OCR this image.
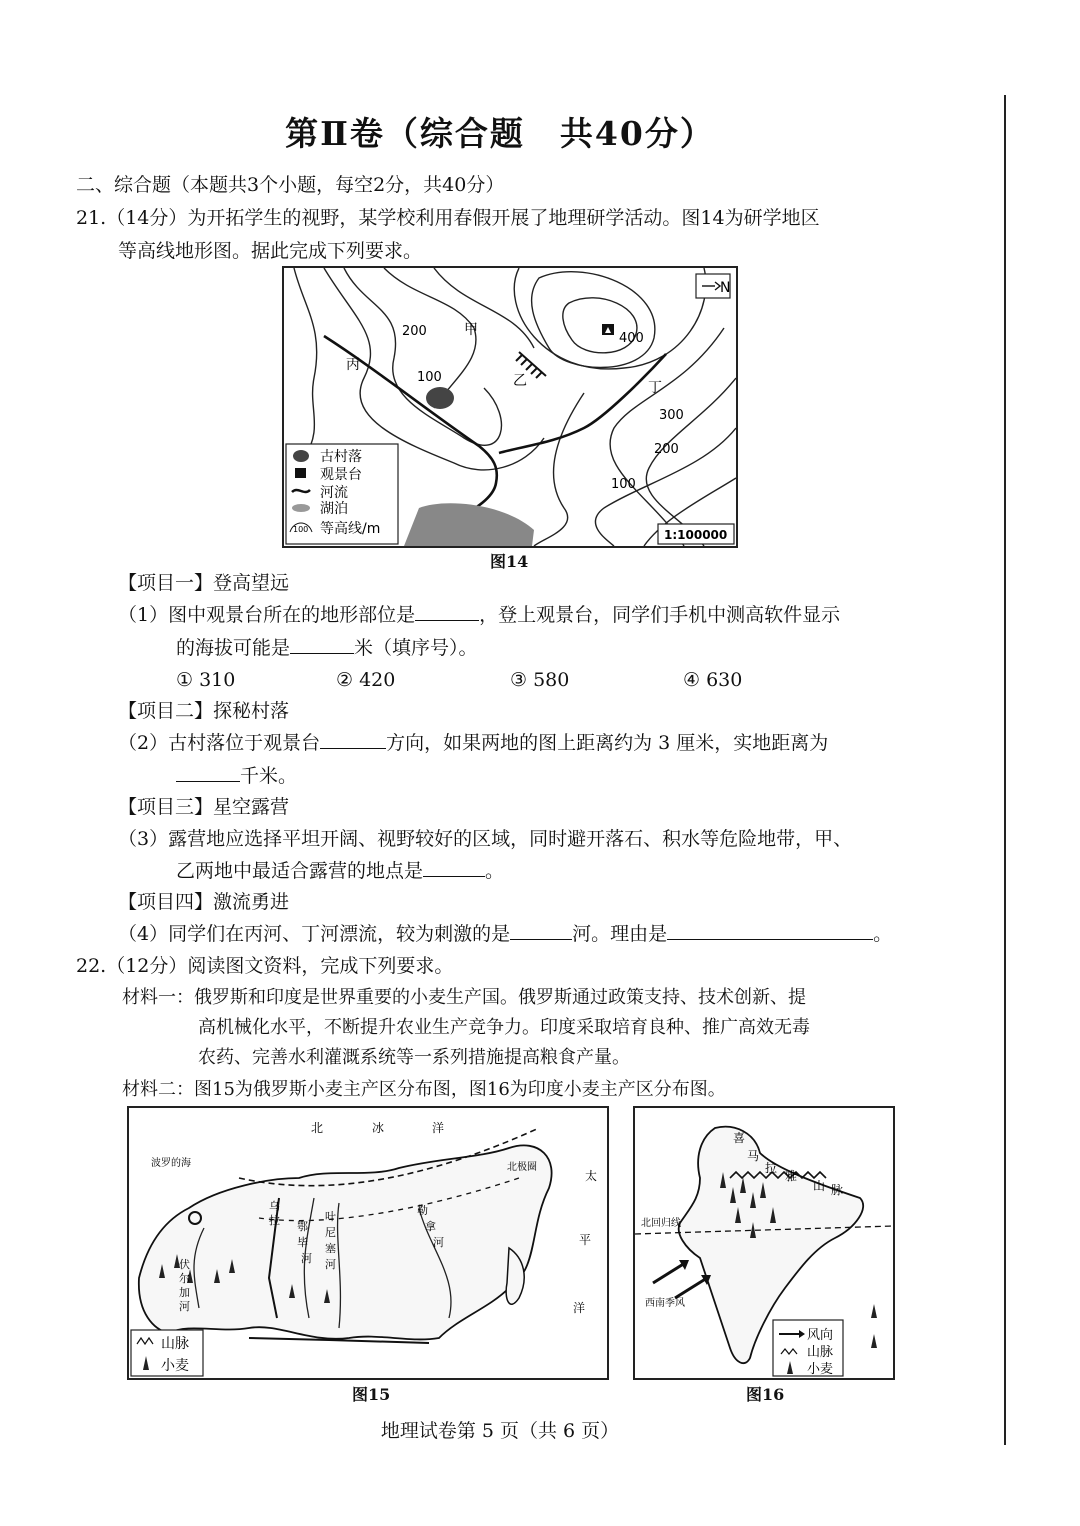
第Ⅱ卷（综合题　共40分）
二、综合题（本题共3个小题，每空2分，共40分）
21.（14分）为开拓学生的视野，某学校利用春假开展了地理研学活动。图14为研学地区
等高线地形图。据此完成下列要求。
N
200	甲
丙
100
400
乙	丁
300
200
100
古村落
观景台
河流
湖泊
100 等高线/m	1:100000
图14
【项目一】登高望远
（1）图中观景台所在的地形部位是	，登上观景台，同学们手机中测高软件显示
的海拔可能是	米（填序号）。
① 310	② 420	③ 580	④ 630
【项目二】探秘村落
（2）古村落位于观景台	方向，如果两地的图上距离约为 3 厘米，实地距离为
千米。
【项目三】星空露营
（3）露营地应选择平坦开阔、视野较好的区域，同时避开落石、积水等危险地带，甲、
乙两地中最适合露营的地点是	。
【项目四】激流勇进
（4）同学们在丙河、丁河漂流，较为刺激的是	河。理由是	。
22.（12分）阅读图文资料，完成下列要求。
材料一：俄罗斯和印度是世界重要的小麦生产国。俄罗斯通过政策支持、技术创新、提
高机械化水平，不断提升农业生产竞争力。印度采取培育良种、推广高效无毒
农药、完善水利灌溉系统等一系列措施提高粮食产量。
材料二：图15为俄罗斯小麦主产区分布图，图16为印度小麦主产区分布图。
北	冰	洋
太
平
洋
波罗的海	北极圈
乌
拉 鄂
毕
河
叶
尼
塞
河
勒
拿
河
伏
尔
加
河
山脉
小麦
图15
喜
马
拉
雅
山 脉
北回归线
西南季风
风向
山脉
小麦
图16
地理试卷第 5 页（共 6 页）
